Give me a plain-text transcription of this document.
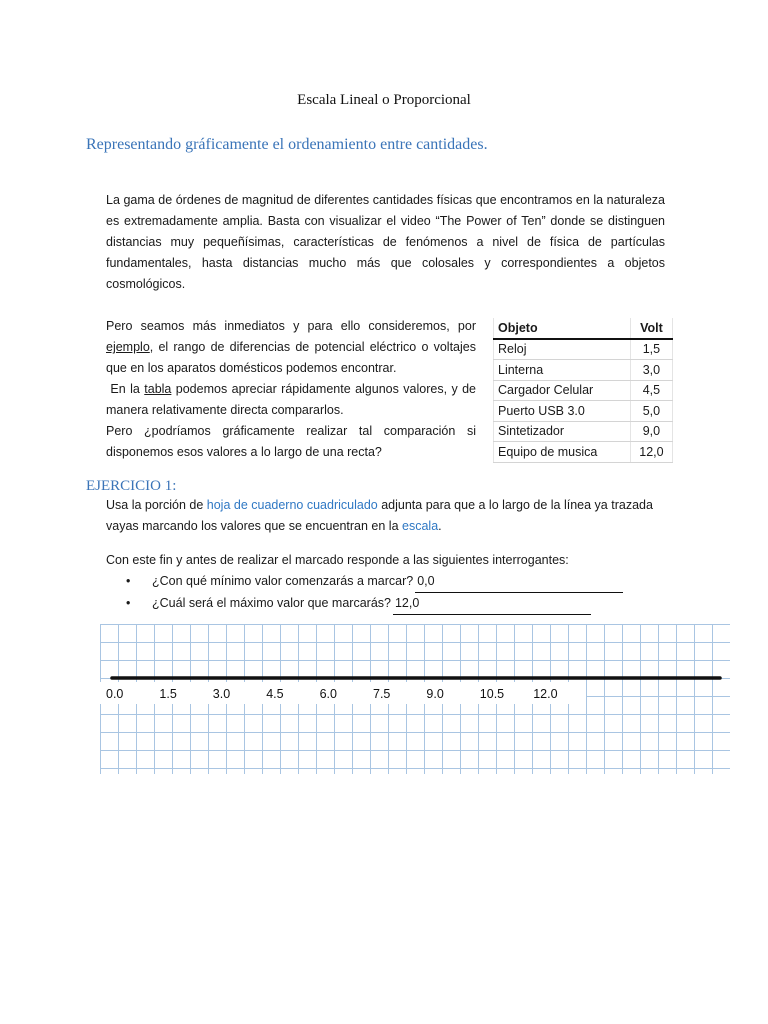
Escala Lineal o Proporcional
Representando gráficamente el ordenamiento entre cantidades.

La gama de órdenes de magnitud de diferentes cantidades físicas que encontramos en la naturaleza es extremadamente amplia. Basta con visualizar el video “The Power of Ten” donde se distinguen distancias muy pequeñísimas, características de fenómenos a nivel de física de partículas fundamentales, hasta distancias mucho más que colosales y correspondientes a objetos cosmológicos.

Pero seamos más inmediatos y para ello consideremos, por ejemplo, el rango de diferencias de potencial eléctrico o voltajes que en los aparatos domésticos podemos encontrar.

En la tabla podemos apreciar rápidamente algunos valores, y de manera relativamente directa compararlos.

Pero ¿podríamos gráficamente realizar tal comparación si disponemos esos valores a lo largo de una recta?

Objeto	Volt
Reloj	1,5
Linterna	3,0
Cargador Celular	4,5
Puerto USB 3.0	5,0
Sintetizador	9,0
Equipo de musica	12,0
EJERCICIO 1:

Usa la porción de hoja de cuaderno cuadriculado adjunta para que a lo largo de la línea ya trazada vayas marcando los valores que se encuentran en la escala.

Con este fin y antes de realizar el marcado responde a las siguientes interrogantes:

•	¿Con qué mínimo valor comenzarás a marcar? 0,0
•	¿Cuál será el máximo valor que marcarás? 12,0
0.0	1.5	3.0	4.5	6.0	7.5	9.0	10.5 12.0
